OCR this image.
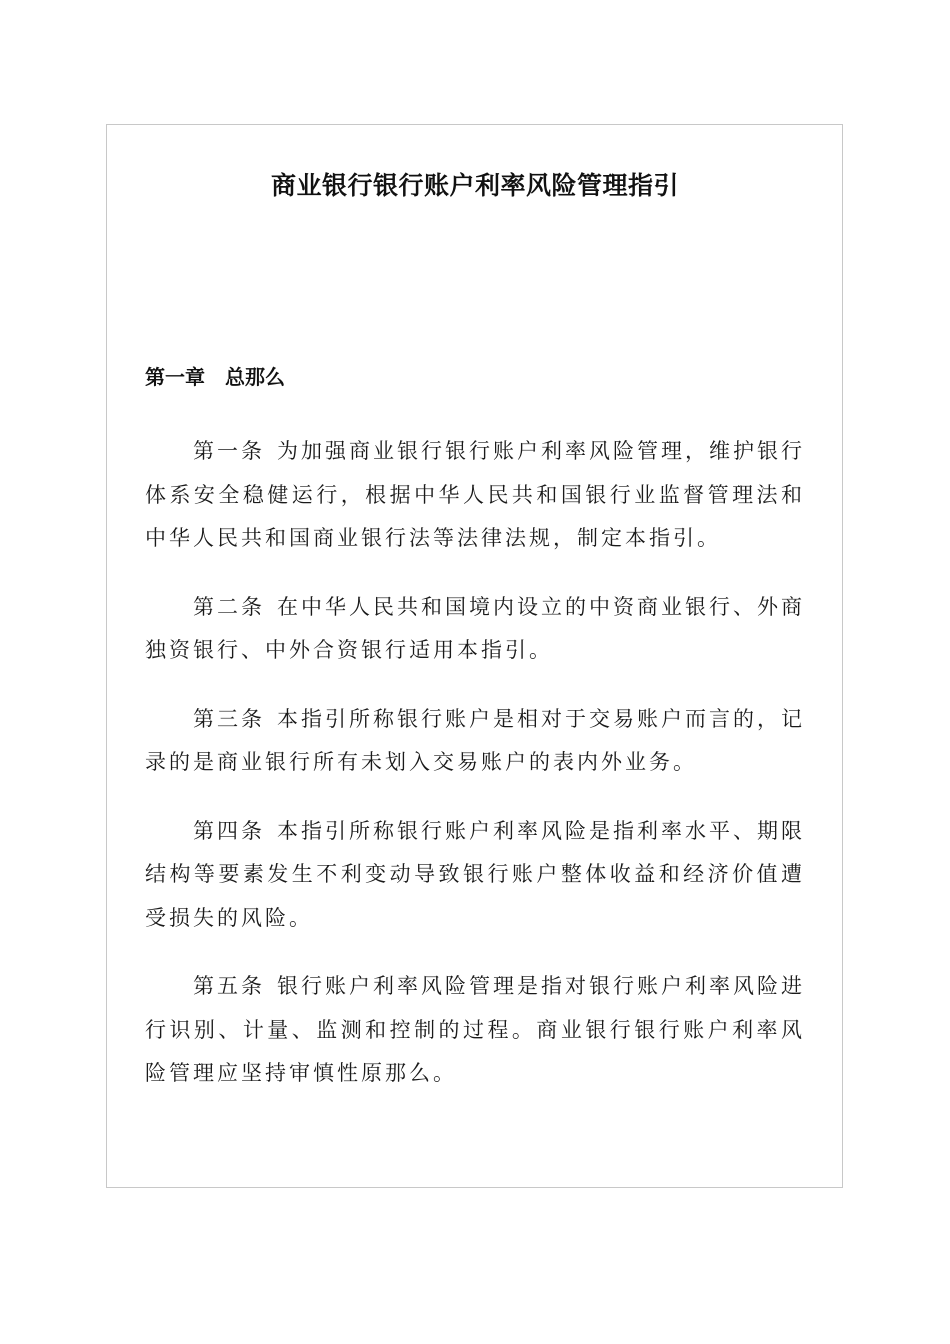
商业银行银行账户利率风险管理指引
第一章　总那么

第一条 为加强商业银行银行账户利率风险管理，维护银行体系安全稳健运行，根据中华人民共和国银行业监督管理法和中华人民共和国商业银行法等法律法规，制定本指引。

第二条 在中华人民共和国境内设立的中资商业银行、外商独资银行、中外合资银行适用本指引。

第三条 本指引所称银行账户是相对于交易账户而言的，记录的是商业银行所有未划入交易账户的表内外业务。

第四条 本指引所称银行账户利率风险是指利率水平、期限结构等要素发生不利变动导致银行账户整体收益和经济价值遭受损失的风险。

第五条 银行账户利率风险管理是指对银行账户利率风险进行识别、计量、监测和控制的过程。商业银行银行账户利率风险管理应坚持审慎性原那么。
